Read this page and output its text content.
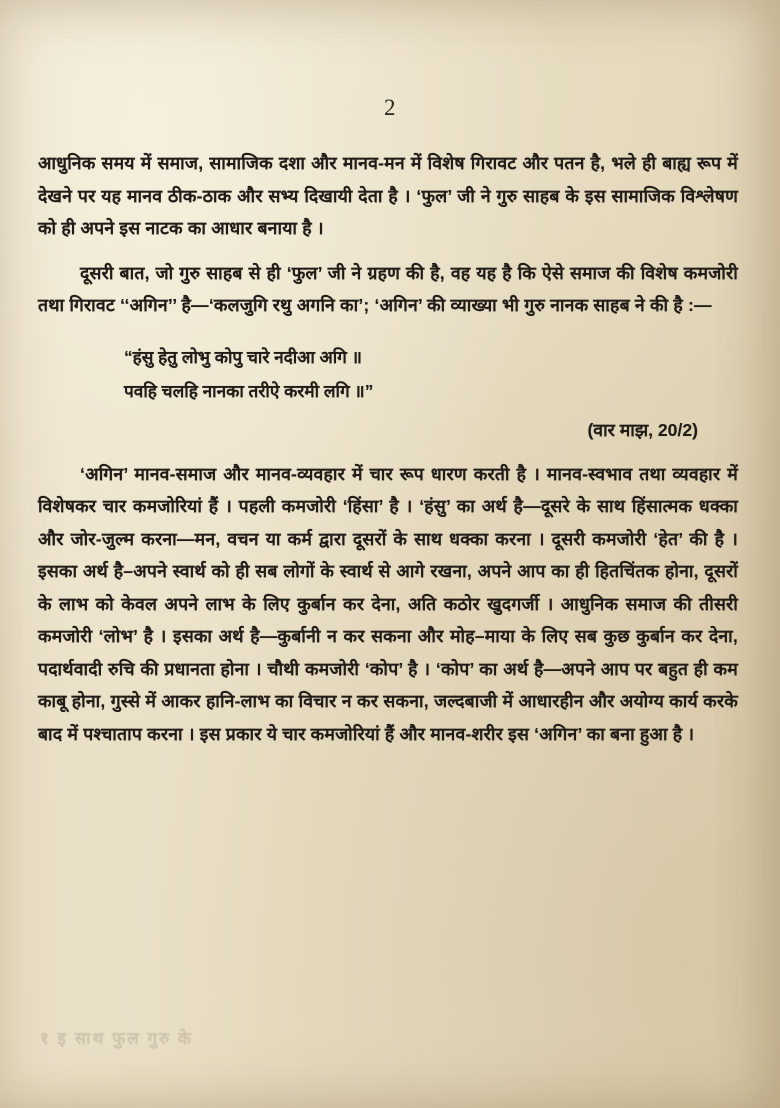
2

आधुनिक समय में समाज, सामाजिक दशा और मानव-मन में विशेष गिरावट और पतन है, भले ही बाह्य रूप में देखने पर यह मानव ठीक-ठाक और सभ्य दिखायी देता है । ‘फुल’ जी ने गुरु साहब के इस सामाजिक विश्लेषण को ही अपने इस नाटक का आधार बनाया है ।

दूसरी बात, जो गुरु साहब से ही ‘फुल’ जी ने ग्रहण की है, वह यह है कि ऐसे समाज की विशेष कमजोरी तथा गिरावट ‘‘अगिन’’ है—‘कलजुगि रथु अगनि का’; ‘अगिन’ की व्याख्या भी गुरु नानक साहब ने की है :—

“हंसु हेतु लोभु कोपु चारे नदीआ अगि ॥
पवहि चलहि नानका तरीऐ करमी लगि ॥”
(वार माझ, 20/2)

‘अगिन’ मानव-समाज और मानव-व्यवहार में चार रूप धारण करती है । मानव-स्वभाव तथा व्यवहार में विशेषकर चार कमजोरियां हैं । पहली कमजोरी ‘हिंसा’ है । ‘हंसु’ का अर्थ है—दूसरे के साथ हिंसात्मक धक्का और जोर-जुल्म करना—मन, वचन या कर्म द्वारा दूसरों के साथ धक्का करना । दूसरी कमजोरी ‘हेत’ की है । इसका अर्थ है–अपने स्वार्थ को ही सब लोगों के स्वार्थ से आगे रखना, अपने आप का ही हितचिंतक होना, दूसरों के लाभ को केवल अपने लाभ के लिए कुर्बान कर देना, अति कठोर खुदगर्जी । आधुनिक समाज की तीसरी कमजोरी ‘लोभ’ है । इसका अर्थ है—कुर्बानी न कर सकना और मोह–माया के लिए सब कुछ कुर्बान कर देना, पदार्थवादी रुचि की प्रधानता होना । चौथी कमजोरी ‘कोप’ है । ‘कोप’ का अर्थ है—अपने आप पर बहुत ही कम काबू होना, गुस्से में आकर हानि-लाभ का विचार न कर सकना, जल्दबाजी में आधारहीन और अयोग्य कार्य करके बाद में पश्चाताप करना । इस प्रकार ये चार कमजोरियां हैं और मानव-शरीर इस ‘अगिन’ का बना हुआ है ।

१ इ साथ फुल गुरु के
